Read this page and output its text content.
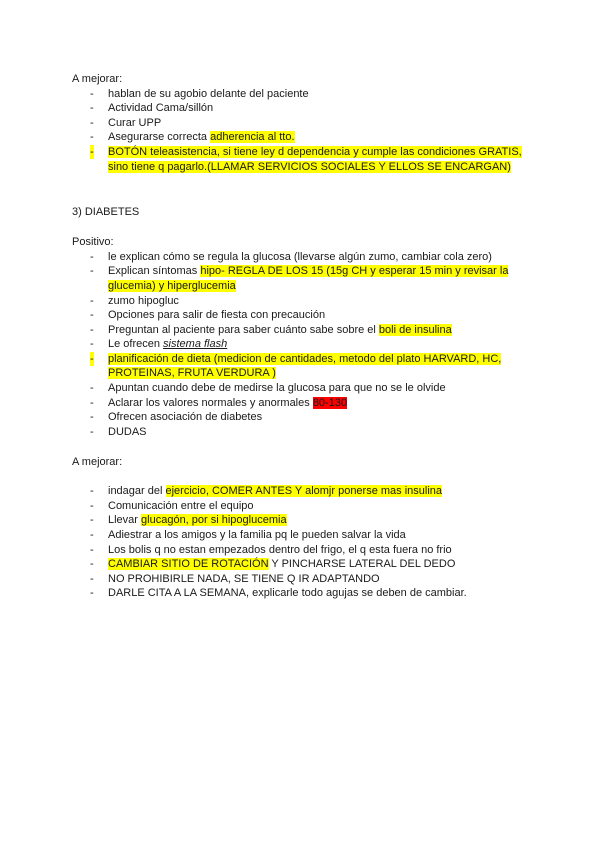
A mejorar:
- hablan de su agobio delante del paciente
- Actividad Cama/sillón
- Curar UPP
- Asegurarse correcta adherencia al tto.
- BOTÓN teleasistencia, si tiene ley d dependencia y cumple las condiciones GRATIS,
sino tiene q pagarlo.(LLAMAR SERVICIOS SOCIALES Y ELLOS SE ENCARGAN)
3) DIABETES
Positivo:
- le explican cómo se regula la glucosa (llevarse algún zumo, cambiar cola zero)
- Explican síntomas hipo- REGLA DE LOS 15 (15g CH y esperar 15 min y revisar la
glucemia) y hiperglucemia
- zumo hipogluc
- Opciones para salir de fiesta con precaución
- Preguntan al paciente para saber cuánto sabe sobre el boli de insulina
- Le ofrecen sistema flash
- planificación de dieta (medicion de cantidades, metodo del plato HARVARD, HC,
PROTEINAS, FRUTA VERDURA )
- Apuntan cuando debe de medirse la glucosa para que no se le olvide
- Aclarar los valores normales y anormales 80-130
- Ofrecen asociación de diabetes
- DUDAS
A mejorar:
- indagar del ejercicio, COMER ANTES Y alomjr ponerse mas insulina
- Comunicación entre el equipo
- Llevar glucagón, por si hipoglucemia
- Adiestrar a los amigos y la familia pq le pueden salvar la vida
- Los bolis q no estan empezados dentro del frigo, el q esta fuera no frio
- CAMBIAR SITIO DE ROTACIÓN Y PINCHARSE LATERAL DEL DEDO
- NO PROHIBIRLE NADA, SE TIENE Q IR ADAPTANDO
- DARLE CITA A LA SEMANA, explicarle todo agujas se deben de cambiar.
